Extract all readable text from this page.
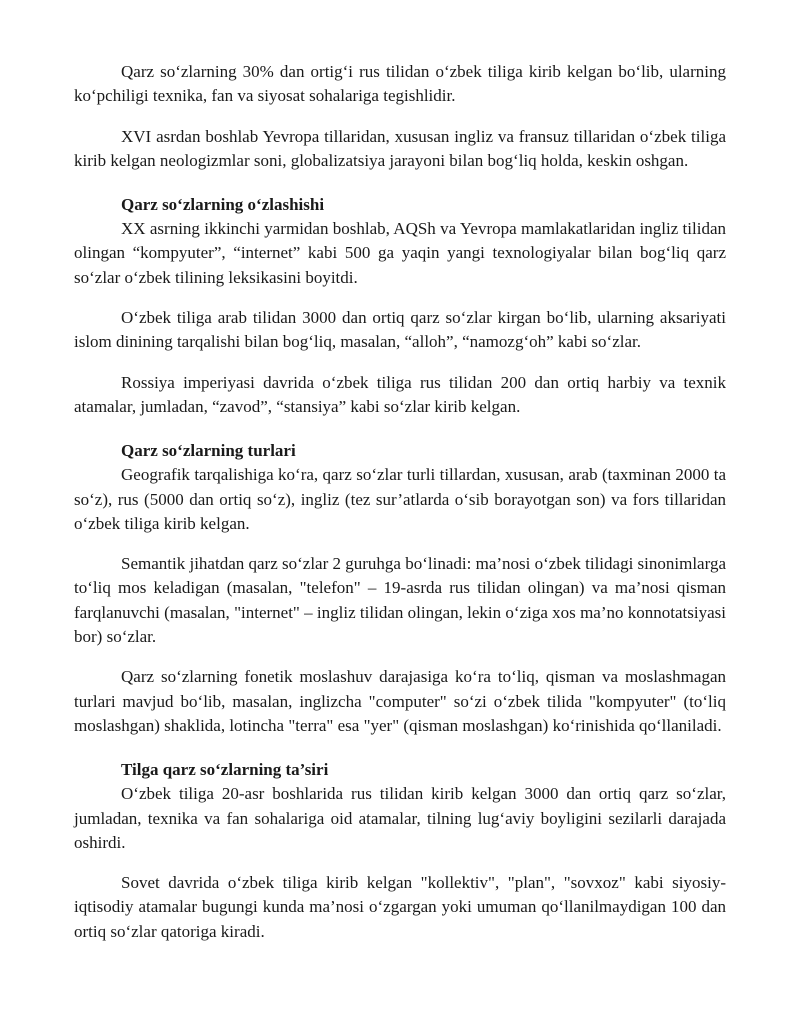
Qarz so‘zlarning 30% dan ortig‘i rus tilidan o‘zbek tiliga kirib kelgan bo‘lib, ularning ko‘pchiligi texnika, fan va siyosat sohalariga tegishlidir.

XVI asrdan boshlab Yevropa tillaridan, xususan ingliz va fransuz tillaridan o‘zbek tiliga kirib kelgan neologizmlar soni, globalizatsiya jarayoni bilan bog‘liq holda, keskin oshgan.

Qarz so‘zlarning o‘zlashishi

XX asrning ikkinchi yarmidan boshlab, AQSh va Yevropa mamlakatlaridan ingliz tilidan olingan “kompyuter”, “internet” kabi 500 ga yaqin yangi texnologiyalar bilan bog‘liq qarz so‘zlar o‘zbek tilining leksikasini boyitdi.

O‘zbek tiliga arab tilidan 3000 dan ortiq qarz so‘zlar kirgan bo‘lib, ularning aksariyati islom dinining tarqalishi bilan bog‘liq, masalan, “alloh”, “namozg‘oh” kabi so‘zlar.

Rossiya imperiyasi davrida o‘zbek tiliga rus tilidan 200 dan ortiq harbiy va texnik atamalar, jumladan, “zavod”, “stansiya” kabi so‘zlar kirib kelgan.

Qarz so‘zlarning turlari

Geografik tarqalishiga ko‘ra, qarz so‘zlar turli tillardan, xususan, arab (taxminan 2000 ta so‘z), rus (5000 dan ortiq so‘z), ingliz (tez sur’atlarda o‘sib borayotgan son) va fors tillaridan o‘zbek tiliga kirib kelgan.

Semantik jihatdan qarz so‘zlar 2 guruhga bo‘linadi: ma’nosi o‘zbek tilidagi sinonimlarga to‘liq mos keladigan (masalan, "telefon" – 19-asrda rus tilidan olingan) va ma’nosi qisman farqlanuvchi (masalan, "internet" – ingliz tilidan olingan, lekin o‘ziga xos ma’no konnotatsiyasi bor) so‘zlar.

Qarz so‘zlarning fonetik moslashuv darajasiga ko‘ra to‘liq, qisman va moslashmagan turlari mavjud bo‘lib, masalan, inglizcha "computer" so‘zi o‘zbek tilida "kompyuter" (to‘liq moslashgan) shaklida, lotincha "terra" esa "yer" (qisman moslashgan) ko‘rinishida qo‘llaniladi.

Tilga qarz so‘zlarning ta’siri

O‘zbek tiliga 20-asr boshlarida rus tilidan kirib kelgan 3000 dan ortiq qarz so‘zlar, jumladan, texnika va fan sohalariga oid atamalar, tilning lug‘aviy boyligini sezilarli darajada oshirdi.

Sovet davrida o‘zbek tiliga kirib kelgan "kollektiv", "plan", "sovxoz" kabi siyosiy-iqtisodiy atamalar bugungi kunda ma’nosi o‘zgargan yoki umuman qo‘llanilmaydigan 100 dan ortiq so‘zlar qatoriga kiradi.
